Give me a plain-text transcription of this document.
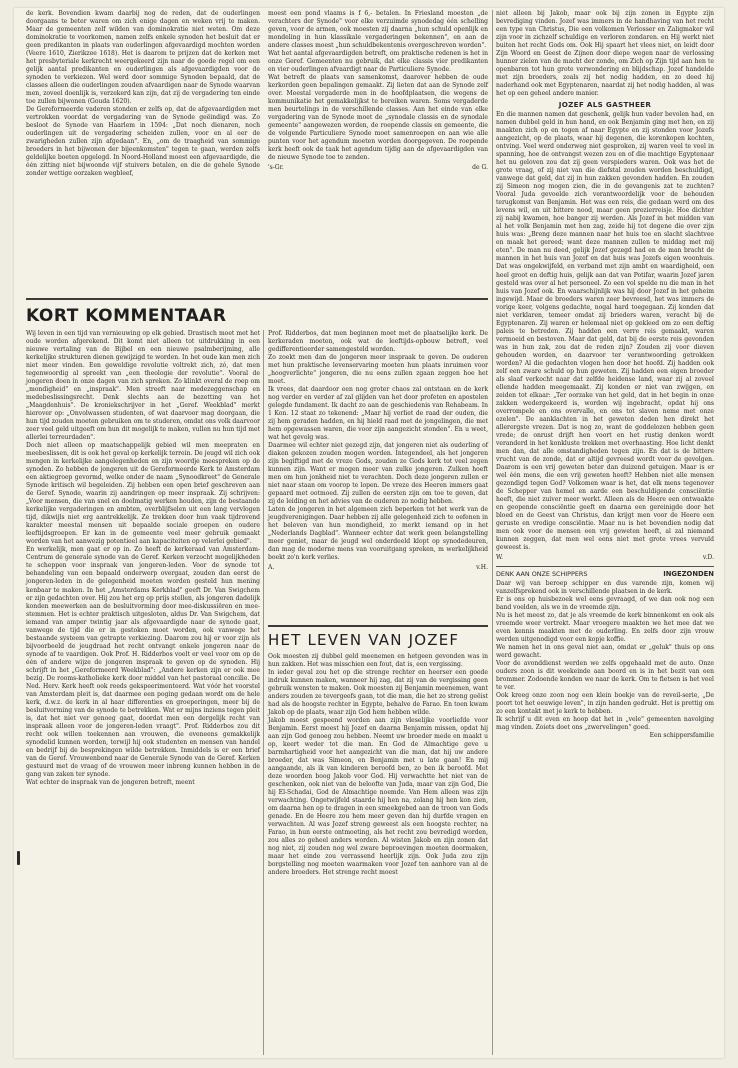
de kerk. Bovendien kwam daarbij nog de reden, dat de ouderlingen doorgaans te beter waren om zich enige dagen en weken vrij te maken. Maar de gemeenten zelf wilden van dominokratie niet weten. Om deze dominokratie te voorkomen, namen zelfs enkele synoden het besluit dat er geen predikanten in plaats van ouderlingen afgevaardigd mochten worden (Veere 1610, Zierikzee 1618). Het is daarom te prijzen dat de kerken met het presbyteriale kerkrecht weergekeerd zijn naar de goede regel om een gelijk aantal predikanten en ouderlingen als afgevaardigden voor de synoden te verkiezen. Wel werd door sommige Synoden bepaald, dat de classes alleen die ouderlingen zouden afvaardigen naar de Synode waarvan men, zoveel doenlijk is, verzekerd kan zijn, dat zij de vergadering ten einde toe zullen bijwonen (Gouda 1620).
De Gereformeerde vaderen stonden er zelfs op, dat de afgevaardigden met vertrokken voordat de vergadering van de Synode geëindigd was. Zo besloot de Synode van Haarlem in 1594: „Dat noch dienaren, noch ouderlingen uit de vergadering scheiden zullen, voor en al eer de zwarigheden zullen zijn afgedaan". En, „om de traagheid van sommige broeders in het bijwonen der bijeenkomsten" tegen te gaan, werden zelfs geldelijke boeten opgelegd. In Noord-Holland moest een afgevaardigde, die één zitting niet bijwoonde vijf stuivers betalen, en die de gehele Synode zonder wettige oorzaken wegbleef,

moest een pond vlaams is f 6,- betalen. In Friesland moesten „de verachters der Synode" voor elke verzuimde synodedag één schelling geven, voor de armen, ook moesten zij daarna „hun schuld openlijk en mondeling in hun klassikale vergaderingen bekennen", en aan de andere classes moest „hun schuldbekentenis overgeschreven worden".
Wat het aantal afgevaardigden betreft, om praktische redenen is het in onze Geref. Gemeenten nu gebruik, dat elke classis vier predikanten en vier ouderlingen afvaardigt naar de Particuliere Synode.
Wat betreft de plaats van samenkomst, daarover hebben de oude kerkorden geen bepalingen gemaakt. Zij lieten dat aan de Synode zelf over. Meestal vergaderde men in de hoofdplaatsen, die wegens de kommunikatie het gemakkelijkst te bereiken waren. Soms vergaderde men beurtelings in de verschillende classes. Aan het einde van elke vergadering van de Synode moet de „synodale classis en de synodale gemeente" aangewezen worden, de roepende classis en gemeente, die de volgende Particuliere Synode moet samenroepen en aan wie alle punten voor het agendum moeten worden doorgegeven. De roepende kerk heeft ook de taak het agendum tijdig aan de afgevaardigden van de nieuwe Synode toe te zenden.

's-Gr.	de G.
KORT KOMMENTAAR

Wij leven in een tijd van vernieuwing op elk gebied. Drastisch moet met het oude worden afgerekend. Dit komt niet alleen tot uitdrukking in een nieuwe vertaling van de Bijbel en een nieuwe psalmberijming, alle kerkelijke strukturen dienen gewijzigd te worden. In het oude kan men zich niet meer vinden. Een geweldige revolutie voltrekt zich, zó, dat men tegenwoordig al spreekt van „een theologie der revolutie". Vooral de jongeren doen in onze dagen van zich spreken. Zo klinkt overal de roep om „mondigheid" en „inspraak". Men streeft naar medezeggenschap en medebeslissingsrecht. Denk slechts aan de bezetting van het „Maagdenhuis". De kroniekschrijver in het „Geref. Weekblad" merkt hierover op: „Onvolwassen studenten, of wat daarvoor mag doorgaan, die hun tijd zouden moeten gebruiken om te studeren, omdat ons volk daarvoor zeer veel geld uitgeeft om hun dit mogelijk te maken, vullen nu hun tijd met allerlei terreurdaden".
Doch niet alleen op maatschappelijk gebied wil men meepraten en meebeslissen, dit is ook het geval op kerkelijk terrein. De jeugd wil zich ook mengen in kerkelijke aangelegenheden en zijn woordje meespreken op de synoden. Zo hebben de jongeren uit de Gereformeerde Kerk te Amsterdam een aktiegroep gevormd, welke onder de naam „Synoodkreet" de Generale Synode kritisch wil begeleiden. Zij hebben een open brief geschreven aan de Geref. Synode, waarin zij aandringen op meer inspraak. Zij schrijven: „Voor mensen, die van snel en doelmatig werken houden, zijn de bestaande kerkelijke vergaderingen en ambten, overblijfselen uit een lang vervlogen tijd, dikwijls niet erg aantrekkelijk. Ze trekken door hun vaak tijdrovend karakter meestal mensen uit bepaalde sociale groepen en oudere leeftijdsgroepen. Er kan in de gemeente veel meer gebruik gemaakt worden van het aanwezig potentieel aan kapaciteiten op velerlei gebied".
En werkelijk, men gaat er op in. Zo heeft de kerkeraad van Amsterdam-Centrum de generale synode van de Geref. Kerken verzocht mogelijkheden te scheppen voor inspraak van jongeren-leden. Voor de synode tot behandeling van een bepaald onderwerp overgaat, zouden dan eerst de jongeren-leden in de gelegenheid moeten worden gesteld hun mening kenbaar te maken. In het „Amsterdams Kerkblad" geeft Dr. Van Swigchem er zijn gedachten over. Hij zou het erg op prijs stellen, als jongeren dadelijk konden meewerken aan de besluitvorming door mee-diskussiëren en mee-stemmen. Het is echter praktisch uitgesloten, aldus Dr. Van Swigchem, dat iemand van amper twintig jaar als afgevaardigde naar de synode gaat, vanwege de tijd die er in gestoken moet worden, ook vanwege het bestaande systeem van getrapte verkiezing. Daarom zou hij er voor zijn als bijvoorbeeld de jeugdraad het recht ontvangt enkele jongeren naar de synode af te vaardigen. Ook Prof. H. Ridderbos voelt er veel voor om op de één of andere wijze de jongeren inspraak te geven op de synoden. Hij schrijft in het „Gereformeerd Weekblad": „Andere kerken zijn er ook mee bezig. De rooms-katholieke kerk door middel van het pastoraal concilie. De Ned. Herv. Kerk heeft ook reeds gekspeerimenteerd. Wat vóór het voorstel van Amsterdam pleit is, dat daarmee een poging gedaan wordt om de hele kerk, d.w.z. de kerk in al haar differenties en groeperingen, meer bij de besluitvorming van de synode te betrekken. Wat er mijns inziens tegen pleit is, dat het niet ver genoeg gaat, doordat men een dergelijk recht van inspraak alleen voor de jongeren-leden vraagt". Prof. Ridderbos zou dit recht ook willen toekennen aan vrouwen, die eveneens gemakkelijk synodelid kunnen worden, terwijl hij ook studenten en mensen van handel en bedrijf bij de besprekingen wilde betrekken. Inmiddels is er een brief van de Geref. Vrouwenbond naar de Generale Synode van de Geref. Kerken gestuurd met de vraag of de vrouwen meer inbreng kunnen hebben in de gang van zaken ter synode.
Wat echter de inspraak van de jongeren betreft, meent

Prof. Ridderbos, dat men beginnen moet met de plaatselijke kerk. De kerkeraden moeten, ook wat de leeftijds-opbouw betreft, veel gedifferentieerder samengesteld worden.
Zo zoekt men dan de jongeren meer inspraak te geven. De ouderen met hun praktische levenservaring moeten hun plaats inruimen voor „hoogverlichte" jongeren, die nu eens zullen zgaan zeggen hoe het moet.
Ik vrees, dat daardoor een nog groter chaos zal ontstaan en de kerk nog verder en verder af zal glijden van het door profeten en apostelen gelegde fundament. Ik dacht zo aan de geschiedenis van Rehabeam. In 1 Kon. 12 staat zo tekenend: „Maar hij verliet de raad der ouden, die zij hem geraden hadden, en hij hield raad met de jongelingen, die met hem opgewassen waren, die voor zijn aangezicht stonden". En u weet, wat het gevolg was.
Daarmee wil echter niet gezegd zijn, dat jongeren niet als ouderling of diaken gekozen zouden mogen worden. Integendeel, als het jongeren zijn begiftigd met de vreze Gods, zouden ze Gods kerk tot veel zegen kunnen zijn. Want er mogen meer van zulke jongeren. Zulken hoeft men om hun jonkheid niet te verachten. Doch deze jongeren zullen er niet naar staan om voorop te lopen. De vreze des Heeren immers gaat gepaard met ootmoed. Zij zullen de eersten zijn om toe te geven, dat zij de leiding en het advies van de ouderen zo nodig hebben.
Laten de jongeren in het algemeen zich beperken tot het werk van de jeugdverenigingen. Daar hebben zij alle gelegenheid zich te oefenen in het beleven van hun mondigheid, zo merkt iemand op in het „Nederlands Dagblad". Wanneer echter dat werk geen belangstelling meer geniet, maar de jeugd wel onderdeeld klopt op synodedeuren, dan mag de moderne mens van vooruitgang spreken, m werkelijkheid boekt zo'n kerk verlies.

A.	v.H.
HET LEVEN VAN JOZEF

Ook moesten zij dubbel geld meenemen en hetgeen gevonden was in hun zakken. Het was misschien een fout, dat is, een vergissing.
In ieder geval zou het op die strenge rechter en heerser een goede indruk kunnen maken, wanneer hij zag, dat zij van de vergissing geen gebruik wensten te maken. Ook moesten zij Benjamin meenemen, want anders zouden ze tevergeefs gaan, tot die man, die het zo streng geëist had als de hoogste rechter in Egypte, behalve de Farao. En toen kwam Jakob op de plaats, waar zijn God hem hebben wilde.
Jakob moest gespeend worden aan zijn vleselijke voorliefde voor Benjamin. Eerst moest hij Jozef en daarna Benjamin missen, opdat hij aan zijn God genoeg zou hebben. Neemt uw broeder mede en maakt u op, keert weder tot die man. En God de Almachtige geve u barmhartigheid voor het aangezicht van die man, dat hij uw andere broeder, dat was Simeon, en Benjamin met u late gaan! En mij aangaande, als ik van kinderen beroofd ben, zo ben ik beroofd. Met deze woorden boog Jakob voor God. Hij verwachtte het niet van de geschenken, ook niet van de beloofte van Juda, maar van zijn God, Die hij El-Schadai, God de Almachtige noemde. Van Hem alleen was zijn verwachting. Ongetwijfeld staarde hij hen na, zolang hij hen kon zien, om daarna hen op te dragen in een smeekgebed aan de troon van Gods genade. En de Heere zou hem meer geven dan hij durfde vragen en verwachten. Al was Jozef streng geweest als een hoogste rechter, na Farao, in hun eerste ontmoeting, als het recht zou bevredigd worden, zou alles zo geheel anders worden. Al wisten Jakob en zijn zonen dat nog niet, zij zouden nog wel zware beproevingen moeten doormaken, maar het einde zou verrassend heerlijk zijn. Ook Juda zou zijn borgstelling nog moeten waarmaken voor Jozef ten aanhore van al de andere broeders. Het strenge recht moest

niet alleen bij Jakob, maar ook bij zijn zonen in Egypte zijn bevrediging vinden. Jozef was immers in de handhaving van het recht een type van Christus, Die een volkomen Verlosser en Zaligmaker wil zijn voor in zichzelf schuldige en verloren zondaren. en Hij werkt niet buiten het recht Gods om. Ook Hij spaart het vlees niet, en leidt door Zijn Woord en Geest de Zijnen door diepe wegen naar de verlossing hunner zielen van de macht der zonde, om Zich op Zijn tijd aan hen te openbaren tot hun grote verwondering en blijdschap. Jozef handelde met zijn broeders, zoals zij het nodig hadden, en zo deed hij naderhand ook met Egyptenaren, naardat zij het nodig hadden, al was het op een geheel andere manier.

JOZEF ALS GASTHEER

En die mannen namen dat geschenk, gelijk hun vader bevolen had, en namen dubbel geld in hun hand, en ook Benjamin ging met hen, en zij maakten zich op en togen af naar Egypte en zij stonden voor Jozefs aangezicht, op de plaats, waar hij degenen, die korenkopen kochten, ontving. Veel werd onderweg niet gesproken, zij waren veel te veel in spanning, hoe de ontvangst wezen zou en of die machtige Egyptenaar het nu geloven zou dat zij geen verspieders waren. Ook was het de grote vraag, of zij niet van die diefstal zouden worden beschuldigd, vanwege dat geld, dat zij in hun zakken gevonden hadden. En zouden zij Simeon nog mogen zien, die in de gevangenis zat te zuchten? Vooral Juda gevoelde zich verantwoordelijk voor de behouden terugkomst van Benjamin. Het was een reis, die gedaan werd om des levens wil, en uit bittere nood, maar geen prezierreisje. Hoe dichter zij nabij kwamen, hoe banger zij werden. Als Jozef in het midden van al het volk Benjamin met hen zag, zeide hij tot degene die over zijn huis was: „Breng deze mannen naar het huis toe en slacht slachtvee en maak het gereed; want deze mannen zullen te middag met mij eten". De man nu deed, gelijk Jozef gezegd had en de man bracht de mannen in het huis van Jozef en dat huis was Jozefs eigen woonhuis. Dat was ongekwijfeld, en verband met zijn ambt en waardigheid, een heel groot en deftig huis, gelijk aan dat van Potifar, waarin Jozef jaren gesteld was over al het personeel. Zo een vol spelde nu die man in het huis van Jozef ook. En waarschijnlijk was hij door Jozef in het geheim ingewijd. Maar de broeders waren zeer bevreesd, het was immers de vorige keer, volgens gedachte, nogal hard toegegaan. Zij konden dat niet verklaren, temeer omdat zij brieders waren, veracht bij de Egyptenaren. Zij waren er helemaal niet op gekleed om zo een deftig paleis te betreden. Zij hadden een verre reis gemaakt, waren vermoeid en bestoven. Maar dat geld, dat bij de eerste reis gevonden was in hun zak, zou dat de reden zijn? Zouden zij voor dieven gehouden worden, en daarvoor ter verantwoording getrokken worden? Al die gedachten vlogen hen door het hoofd. Zij hadden ook zelf een zware schuld op hun geweten. Zij hadden een eigen broeder als slaaf verkocht naar dat zelfde heidense land, waar zij al zoveel ellende hadden meegemaakt. Zij konden er niet van zwijgen, en zeiden tot elkaar: „Ter oorzake van het geld, dat in het begin in onze zakken wedergekeerd is, worden wij ingebracht, opdat hij ons overrompele en ons overvalle, en ons tot slaven neme met onze ezelen". De aanklachten in het geweten deden hen direkt het allerergste vrezen. Dat is nog zo, want de goddelozen hebben geen vrede; de onrust drijft hen voort en het rustig denken wordt veranderd in het konkluste trekken met overhaasting. Hoe licht denkt men dan, dat alle omstandigheden tegen zijn. En dat is de bittere vrucht van de zonde, dat er altijd gevreesd wordt voor de gevolgen. Daarom is een vrij geweten beter dan duizend getuigen. Maar is er wel één mens, die een vrij geweten heeft? Hebben niet alle mensen gezondigd tegen God? Volkomen waar is het, dat elk mens tegenover de Schepper van hemel en aarde een beschuldigende consciëntie heeft, die niet zuiver meer werkt. Alleen als de Heere een ontwaakte en geopende consciëntie geeft en daarna een gereinigde door het bloed en de Geest van Christus, dan krijgt men voor de Heere een geruste en vredige consciëntie. Maar nu is het bovendien nodig dat men ook voor de mensen een vrij geweten heeft, al zal niemand kunnen zeggen, dat men wel eens niet met grote vrees vervuld geweest is.

W.	v.D.
DENK AAN ONZE SCHIPPERS	INGEZONDEN

Daar wij van beroep schipper en dus varende zijn, komen wij vanzelfsprekend ook in verschillende plaatsen in de kerk.
Er is ons op huisbezoek wel eens gevraagd, of we dan ook nog een band voelden, als we in de vreemde zijn.
Nu is het meest zo, dat je als vreemde de kerk binnenkomt en ook als vreemde weer vertrekt. Maar vroegere maakten we het mee dat we even kennis maakten met de ouderling. En zelfs door zijn vrouw werden uitgenodigd voor een kopje koffie.
We namen het in ons geval niet aan, omdat er „geluk" thuis op ons werd gewacht.
Voor de avonddienst werden we zelfs opgehaald met de auto. Onze ouders zoon is dit weekeinde aan boord en is in het bezit van een brommer. Zodoende konden we naar de kerk. Om te fietsen is het veel te ver.
Ook kreeg onze zoon nog een klein boekje van de reveil-serie, „De poort tot het eeuwige leven", in zijn handen gedrukt. Het is prettig om zo een kontakt met je kerk te hebben.
Ik schrijf u dit even en hoop dat het in „vele" gemeenten navolging mag vinden. Zoiets doet ons „zwervelingen" goed.

Een schippersfamilie
